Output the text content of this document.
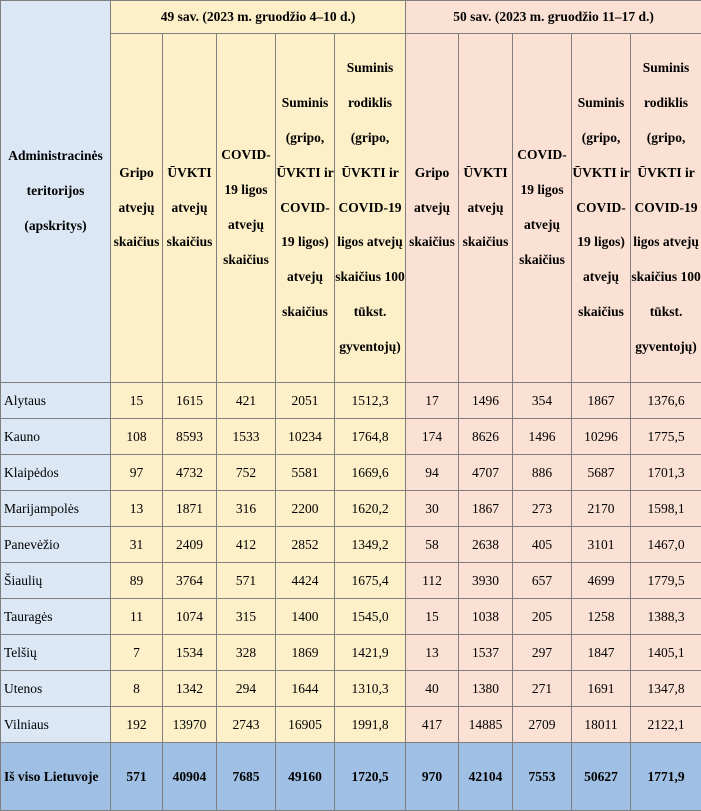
Administracinės teritorijos (apskritys)	49 sav. (2023 m. gruodžio 4–10 d.)					50 sav. (2023 m. gruodžio 11–17 d.)				
	Gripo atvejų skaičius	ŪVKTI atvejų skaičius	COVID-19 ligos atvejų skaičius	Suminis (gripo, ŪVKTI ir COVID-19 ligos) atvejų skaičius	Suminis rodiklis (gripo, ŪVKTI ir COVID-19 ligos atvejų skaičius 100 tūkst. gyventojų)	Gripo atvejų skaičius	ŪVKTI atvejų skaičius	COVID-19 ligos atvejų skaičius	Suminis (gripo, ŪVKTI ir COVID-19 ligos) atvejų skaičius	Suminis rodiklis (gripo, ŪVKTI ir COVID-19 ligos atvejų skaičius 100 tūkst. gyventojų)
Alytaus	15	1615	421	2051	1512,3	17	1496	354	1867	1376,6
Kauno	108	8593	1533	10234	1764,8	174	8626	1496	10296	1775,5
Klaipėdos	97	4732	752	5581	1669,6	94	4707	886	5687	1701,3
Marijampolės	13	1871	316	2200	1620,2	30	1867	273	2170	1598,1
Panevėžio	31	2409	412	2852	1349,2	58	2638	405	3101	1467,0
Šiaulių	89	3764	571	4424	1675,4	112	3930	657	4699	1779,5
Tauragės	11	1074	315	1400	1545,0	15	1038	205	1258	1388,3
Telšių	7	1534	328	1869	1421,9	13	1537	297	1847	1405,1
Utenos	8	1342	294	1644	1310,3	40	1380	271	1691	1347,8
Vilniaus	192	13970	2743	16905	1991,8	417	14885	2709	18011	2122,1
Iš viso Lietuvoje	571	40904	7685	49160	1720,5	970	42104	7553	50627	1771,9
